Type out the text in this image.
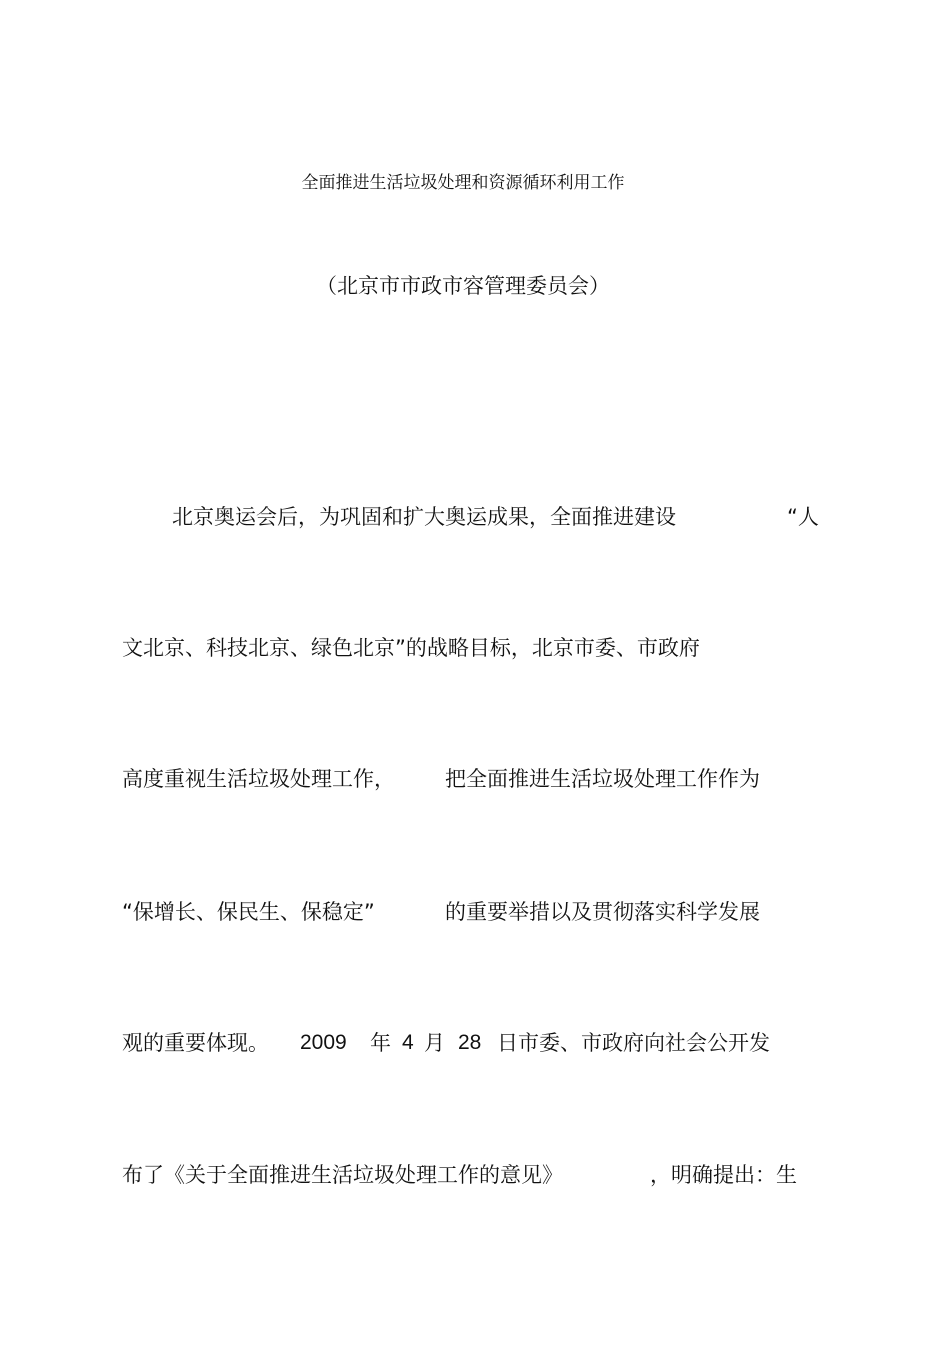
全面推进生活垃圾处理和资源循环利用工作
（北京市市政市容管理委员会）
北京奥运会后，为巩固和扩大奥运成果，全面推进建设	“人
文北京、科技北京、绿色北京”的战略目标，北京市委、市政府
高度重视生活垃圾处理工作， 把全面推进生活垃圾处理工作作为
“保增长、保民生、保稳定”	的重要举措以及贯彻落实科学发展
观的重要体现。 2009 年 4 月 28 日市委、市政府向社会公开发
布了《关于全面推进生活垃圾处理工作的意见》	，明确提出：生
